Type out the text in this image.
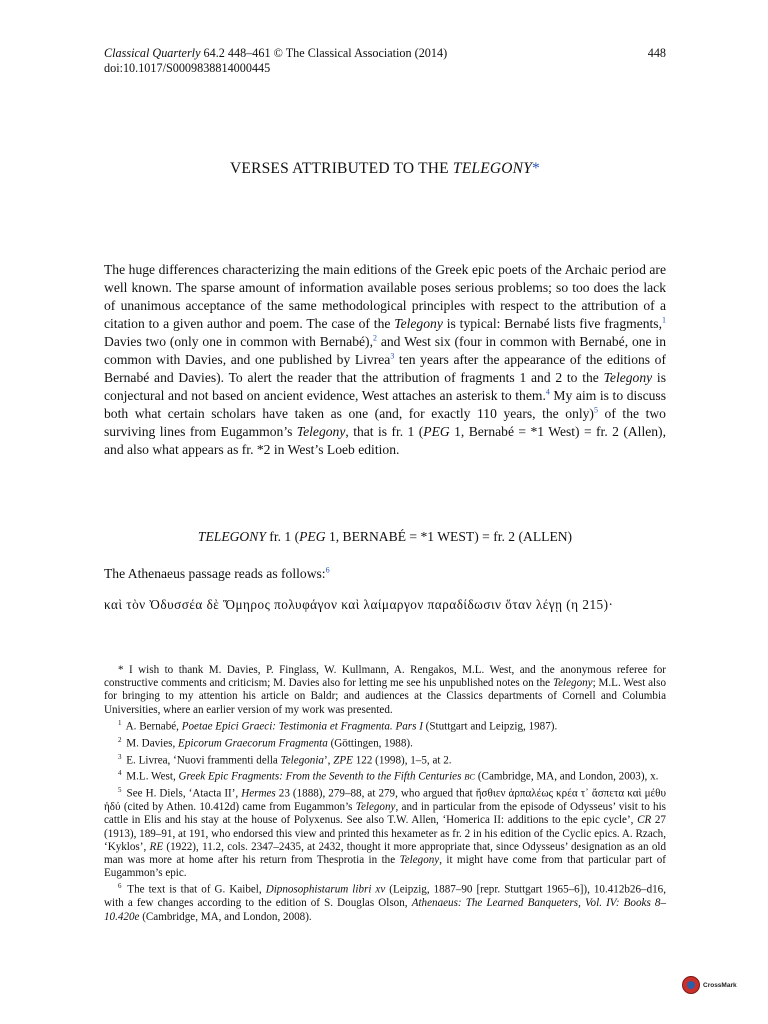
Classical Quarterly 64.2 448–461 © The Classical Association (2014)
doi:10.1017/S0009838814000445
448
VERSES ATTRIBUTED TO THE TELEGONY*
The huge differences characterizing the main editions of the Greek epic poets of the Archaic period are well known. The sparse amount of information available poses serious problems; so too does the lack of unanimous acceptance of the same methodological principles with respect to the attribution of a citation to a given author and poem. The case of the Telegony is typical: Bernabé lists five fragments,$^1$ Davies two (only one in common with Bernabé),$^2$ and West six (four in common with Bernabé, one in common with Davies, and one published by Livrea$^3$ ten years after the appearance of the editions of Bernabé and Davies). To alert the reader that the attribution of fragments 1 and 2 to the Telegony is conjectural and not based on ancient evidence, West attaches an asterisk to them.$^4$ My aim is to discuss both what certain scholars have taken as one (and, for exactly 110 years, the only)$^5$ of the two surviving lines from Eugammon’s Telegony, that is fr. 1 (PEG 1, Bernabé = *1 West) = fr. 2 (Allen), and also what appears as fr. *2 in West’s Loeb edition.
TELEGONY fr. 1 (PEG 1, BERNABÉ = *1 WEST) = fr. 2 (ALLEN)
The Athenaeus passage reads as follows:$^6$
καὶ τὸν Ὀδυσσέα δὲ Ὅμηρος πολυφάγον καὶ λαίμαργον παραδίδωσιν ὅταν λέγῃ (η 215)·

* I wish to thank M. Davies, P. Finglass, W. Kullmann, A. Rengakos, M.L. West, and the anonymous referee for constructive comments and criticism; M. Davies also for letting me see his unpublished notes on the Telegony; M.L. West also for bringing to my attention his article on Baldr; and audiences at the Classics departments of Cornell and Columbia Universities, where an earlier version of my work was presented.

$^1$ A. Bernabé, Poetae Epici Graeci: Testimonia et Fragmenta. Pars I (Stuttgart and Leipzig, 1987).

$^2$ M. Davies, Epicorum Graecorum Fragmenta (Göttingen, 1988).

$^3$ E. Livrea, ‘Nuovi frammenti della Telegonia’, ZPE 122 (1998), 1–5, at 2.

$^4$ M.L. West, Greek Epic Fragments: From the Seventh to the Fifth Centuries BC (Cambridge, MA, and London, 2003), x.

$^5$ See H. Diels, ‘Atacta II’, Hermes 23 (1888), 279–88, at 279, who argued that ἤσθιεν ἁρπαλέως κρέα τ᾽ ἄσπετα καὶ μέθυ ἡδύ (cited by Athen. 10.412d) came from Eugammon’s Telegony, and in particular from the episode of Odysseus’ visit to his cattle in Elis and his stay at the house of Polyxenus. See also T.W. Allen, ‘Homerica II: additions to the epic cycle’, CR 27 (1913), 189–91, at 191, who endorsed this view and printed this hexameter as fr. 2 in his edition of the Cyclic epics. A. Rzach, ‘Kyklos’, RE (1922), 11.2, cols. 2347–2435, at 2432, thought it more appropriate that, since Odysseus’ designation as an old man was more at home after his return from Thesprotia in the Telegony, it might have come from that particular part of Eugammon’s epic.

$^6$ The text is that of G. Kaibel, Dipnosophistarum libri xv (Leipzig, 1887–90 [repr. Stuttgart 1965–6]), 10.412b26–d16, with a few changes according to the edition of S. Douglas Olson, Athenaeus: The Learned Banqueters, Vol. IV: Books 8–10.420e (Cambridge, MA, and London, 2008).

CrossMark
